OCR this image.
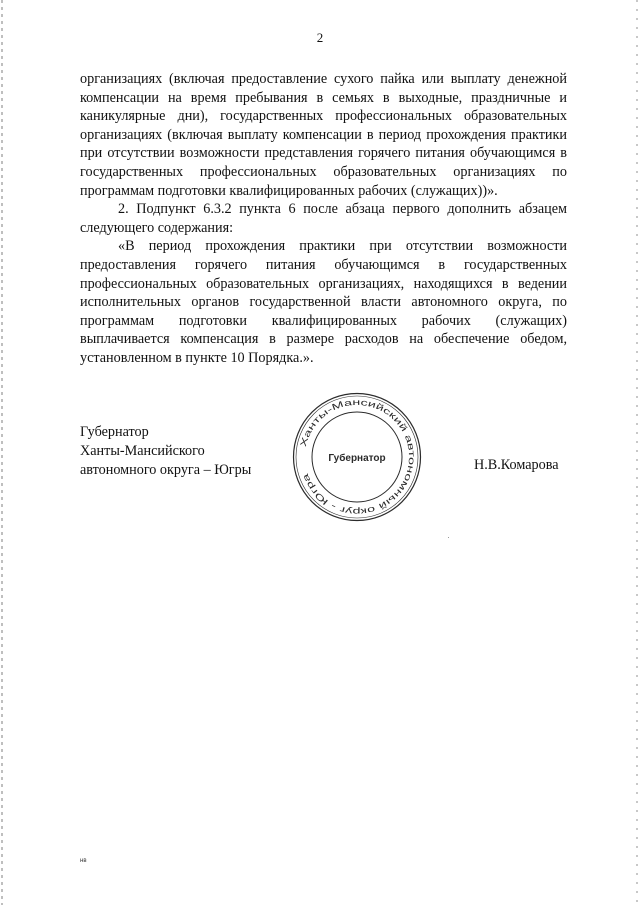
2

организациях (включая предоставление сухого пайка или выплату денежной компенсации на время пребывания в семьях в выходные, праздничные и каникулярные дни), государственных профессиональных образовательных организациях (включая выплату компенсации в период прохождения практики при отсутствии возможности представления горячего питания обучающимся в государственных профессиональных образовательных организациях по программам подготовки квалифицированных рабочих (служащих))».

2. Подпункт 6.3.2 пункта 6 после абзаца первого дополнить абзацем следующего содержания:

«В период прохождения практики при отсутствии возможности предоставления горячего питания обучающимся в государственных профессиональных образовательных организациях, находящихся в ведении исполнительных органов государственной власти автономного округа, по программам подготовки квалифицированных рабочих (служащих) выплачивается компенсация в размере расходов на обеспечение обедом, установленном в пункте 10 Порядка.».

Губернатор
Ханты-Мансийского
автономного округа – Югры
Ханты-Мансийский автономный округ - Югра
Губернатор	Н.В.Комарова
нв
